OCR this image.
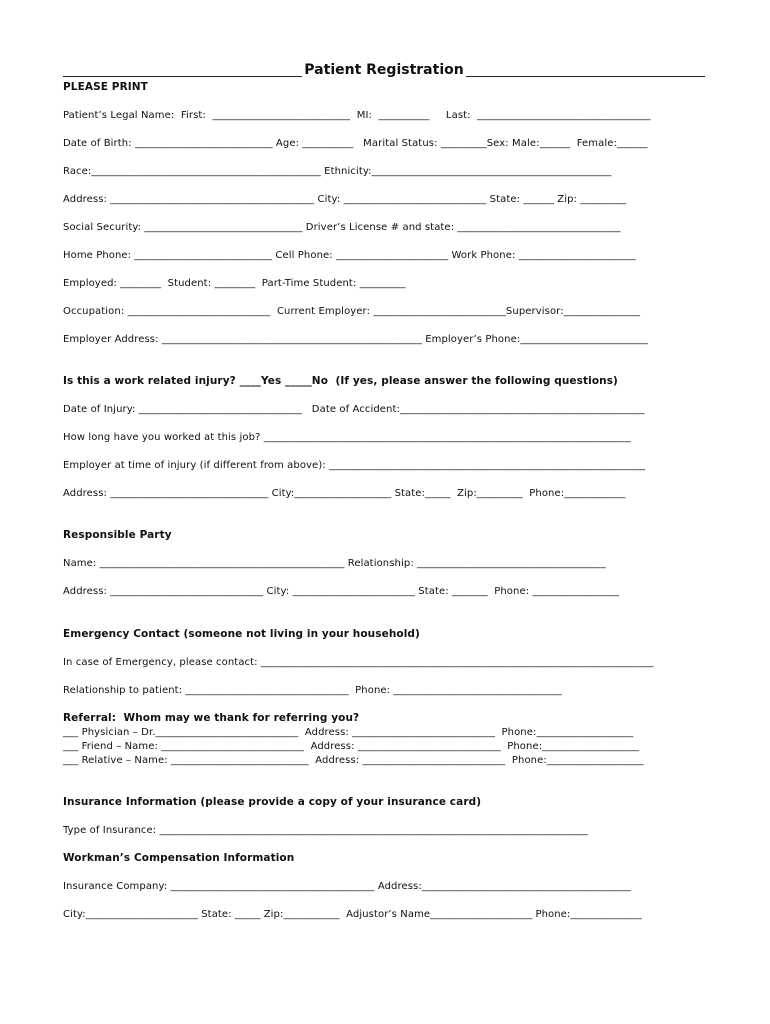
Patient Registration
PLEASE PRINT
Patient’s Legal Name:  First:  ___________________________  MI:  __________     Last:  __________________________________
Date of Birth: ___________________________ Age: __________   Marital Status: _________Sex: Male:______  Female:______
Race:_____________________________________________ Ethnicity:_______________________________________________
Address: ________________________________________ City: ____________________________ State: ______ Zip: _________
Social Security: _______________________________ Driver’s License # and state: ________________________________
Home Phone: ___________________________ Cell Phone: ______________________ Work Phone: _______________________
Employed: ________  Student: ________  Part-Time Student: _________
Occupation: ____________________________  Current Employer: __________________________Supervisor:_______________
Employer Address: ___________________________________________________ Employer’s Phone:_________________________
Is this a work related injury? ____Yes _____No  (If yes, please answer the following questions)
Date of Injury: ________________________________   Date of Accident:________________________________________________
How long have you worked at this job? ________________________________________________________________________
Employer at time of injury (if different from above): ______________________________________________________________
Address: _______________________________ City:___________________ State:_____  Zip:_________  Phone:____________
Responsible Party
Name: ________________________________________________ Relationship: _____________________________________
Address: ______________________________ City: ________________________ State: _______  Phone: _________________
Emergency Contact (someone not living in your household)
In case of Emergency, please contact: _____________________________________________________________________________
Relationship to patient: ________________________________  Phone: _________________________________
Referral:  Whom may we thank for referring you?
___ Physician – Dr.____________________________  Address: ____________________________  Phone:___________________
___ Friend – Name: ____________________________  Address: ____________________________  Phone:___________________
___ Relative – Name: ___________________________  Address: ____________________________  Phone:___________________
Insurance Information (please provide a copy of your insurance card)
Type of Insurance: ____________________________________________________________________________________
Workman’s Compensation Information
Insurance Company: ________________________________________ Address:_________________________________________
City:______________________ State: _____ Zip:___________  Adjustor’s Name____________________ Phone:______________
